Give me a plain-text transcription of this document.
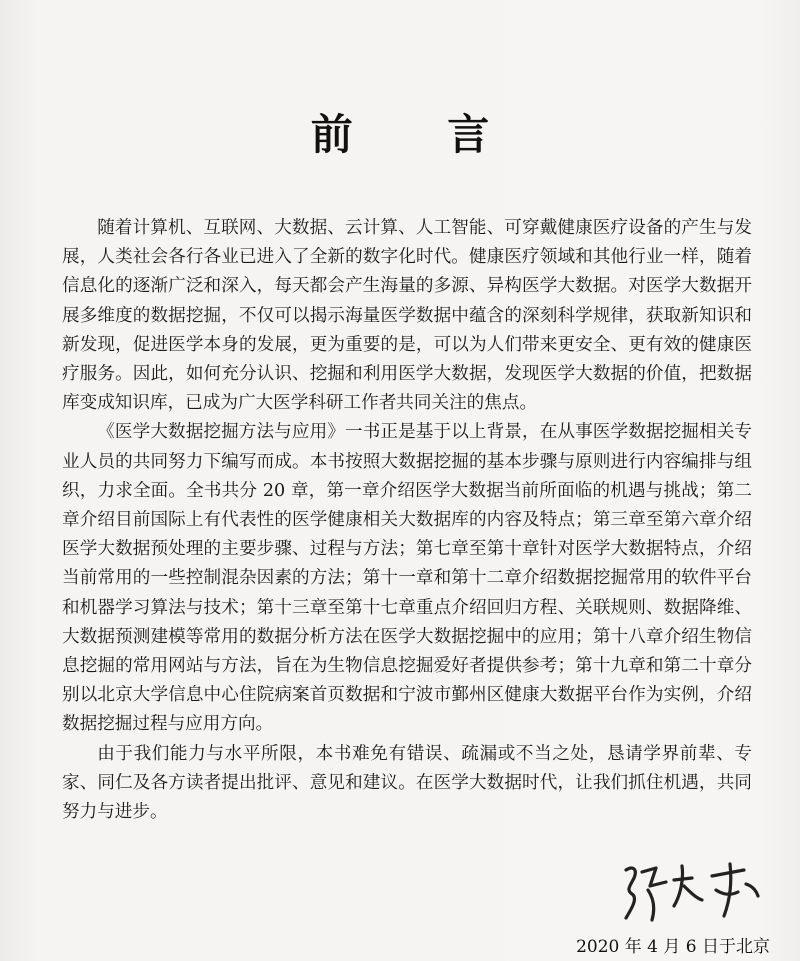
前 言

随着计算机、互联网、大数据、云计算、人工智能、可穿戴健康医疗设备的产生与发展，人类社会各行各业已进入了全新的数字化时代。健康医疗领域和其他行业一样，随着信息化的逐渐广泛和深入，每天都会产生海量的多源、异构医学大数据。对医学大数据开展多维度的数据挖掘，不仅可以揭示海量医学数据中蕴含的深刻科学规律，获取新知识和新发现，促进医学本身的发展，更为重要的是，可以为人们带来更安全、更有效的健康医疗服务。因此，如何充分认识、挖掘和利用医学大数据，发现医学大数据的价值，把数据库变成知识库，已成为广大医学科研工作者共同关注的焦点。

《医学大数据挖掘方法与应用》一书正是基于以上背景，在从事医学数据挖掘相关专业人员的共同努力下编写而成。本书按照大数据挖掘的基本步骤与原则进行内容编排与组织，力求全面。全书共分 20 章，第一章介绍医学大数据当前所面临的机遇与挑战；第二章介绍目前国际上有代表性的医学健康相关大数据库的内容及特点；第三章至第六章介绍医学大数据预处理的主要步骤、过程与方法；第七章至第十章针对医学大数据特点，介绍当前常用的一些控制混杂因素的方法；第十一章和第十二章介绍数据挖掘常用的软件平台和机器学习算法与技术；第十三章至第十七章重点介绍回归方程、关联规则、数据降维、大数据预测建模等常用的数据分析方法在医学大数据挖掘中的应用；第十八章介绍生物信息挖掘的常用网站与方法，旨在为生物信息挖掘爱好者提供参考；第十九章和第二十章分别以北京大学信息中心住院病案首页数据和宁波市鄞州区健康大数据平台作为实例，介绍数据挖掘过程与应用方向。

由于我们能力与水平所限，本书难免有错误、疏漏或不当之处，恳请学界前辈、专家、同仁及各方读者提出批评、意见和建议。在医学大数据时代，让我们抓住机遇，共同努力与进步。

2020 年 4 月 6 日于北京
